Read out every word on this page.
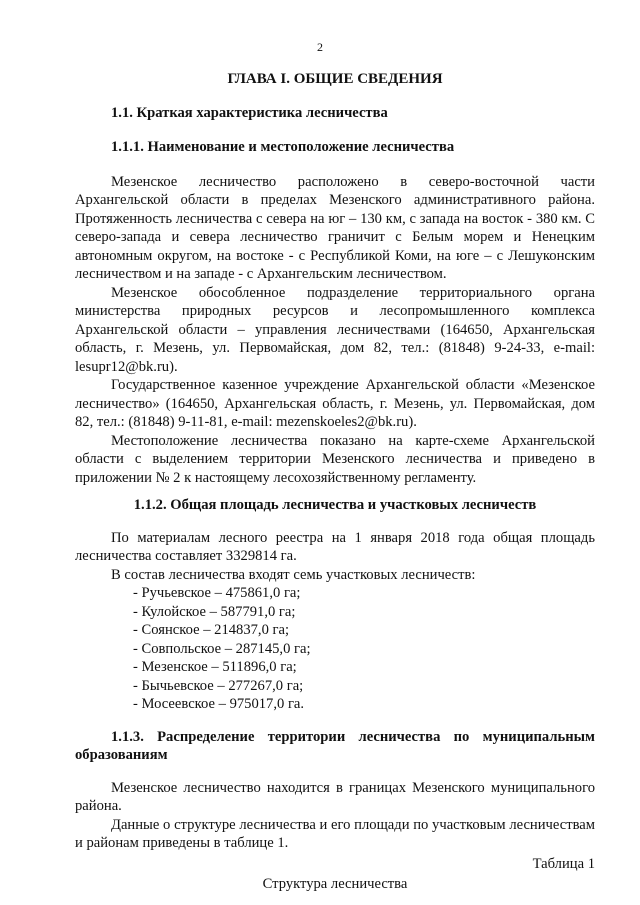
2
ГЛАВА I. ОБЩИЕ СВЕДЕНИЯ
1.1. Краткая характеристика лесничества
1.1.1. Наименование и местоположение лесничества

Мезенское лесничество расположено в северо-восточной части Архангельской области в пределах Мезенского административного района. Протяженность лесничества с севера на юг – 130 км, с запада на восток - 380 км. С северо-запада и севера лесничество граничит с Белым морем и Ненецким автономным округом, на востоке - с Республикой Коми, на юге – с Лешуконским лесничеством и на западе - с Архангельским лесничеством.

Мезенское обособленное подразделение территориального органа министерства природных ресурсов и лесопромышленного комплекса Архангельской области – управления лесничествами (164650, Архангельская область, г. Мезень, ул. Первомайская, дом 82, тел.: (81848) 9-24-33, e-mail: lesupr12@bk.ru).

Государственное казенное учреждение Архангельской области «Мезенское лесничество» (164650, Архангельская область, г. Мезень, ул. Первомайская, дом 82, тел.: (81848) 9-11-81, e-mail: mezenskoeles2@bk.ru).

Местоположение лесничества показано на карте-схеме Архангельской области с выделением территории Мезенского лесничества и приведено в приложении № 2 к настоящему лесохозяйственному регламенту.

1.1.2. Общая площадь лесничества и участковых лесничеств

По материалам лесного реестра на 1 января 2018 года общая площадь лесничества составляет 3329814 га.

В состав лесничества входят семь участковых лесничеств:

- Ручьевское – 475861,0 га;
- Кулойское – 587791,0 га;
- Соянское – 214837,0 га;
- Совпольское – 287145,0 га;
- Мезенское – 511896,0 га;
- Бычьевское – 277267,0 га;
- Мосеевское – 975017,0 га.
1.1.3. Распределение территории лесничества по муниципальным образованиям

Мезенское лесничество находится в границах Мезенского муниципального района.

Данные о структуре лесничества и его площади по участковым лесничествам и районам приведены в таблице 1.

Таблица 1
Структура лесничества
